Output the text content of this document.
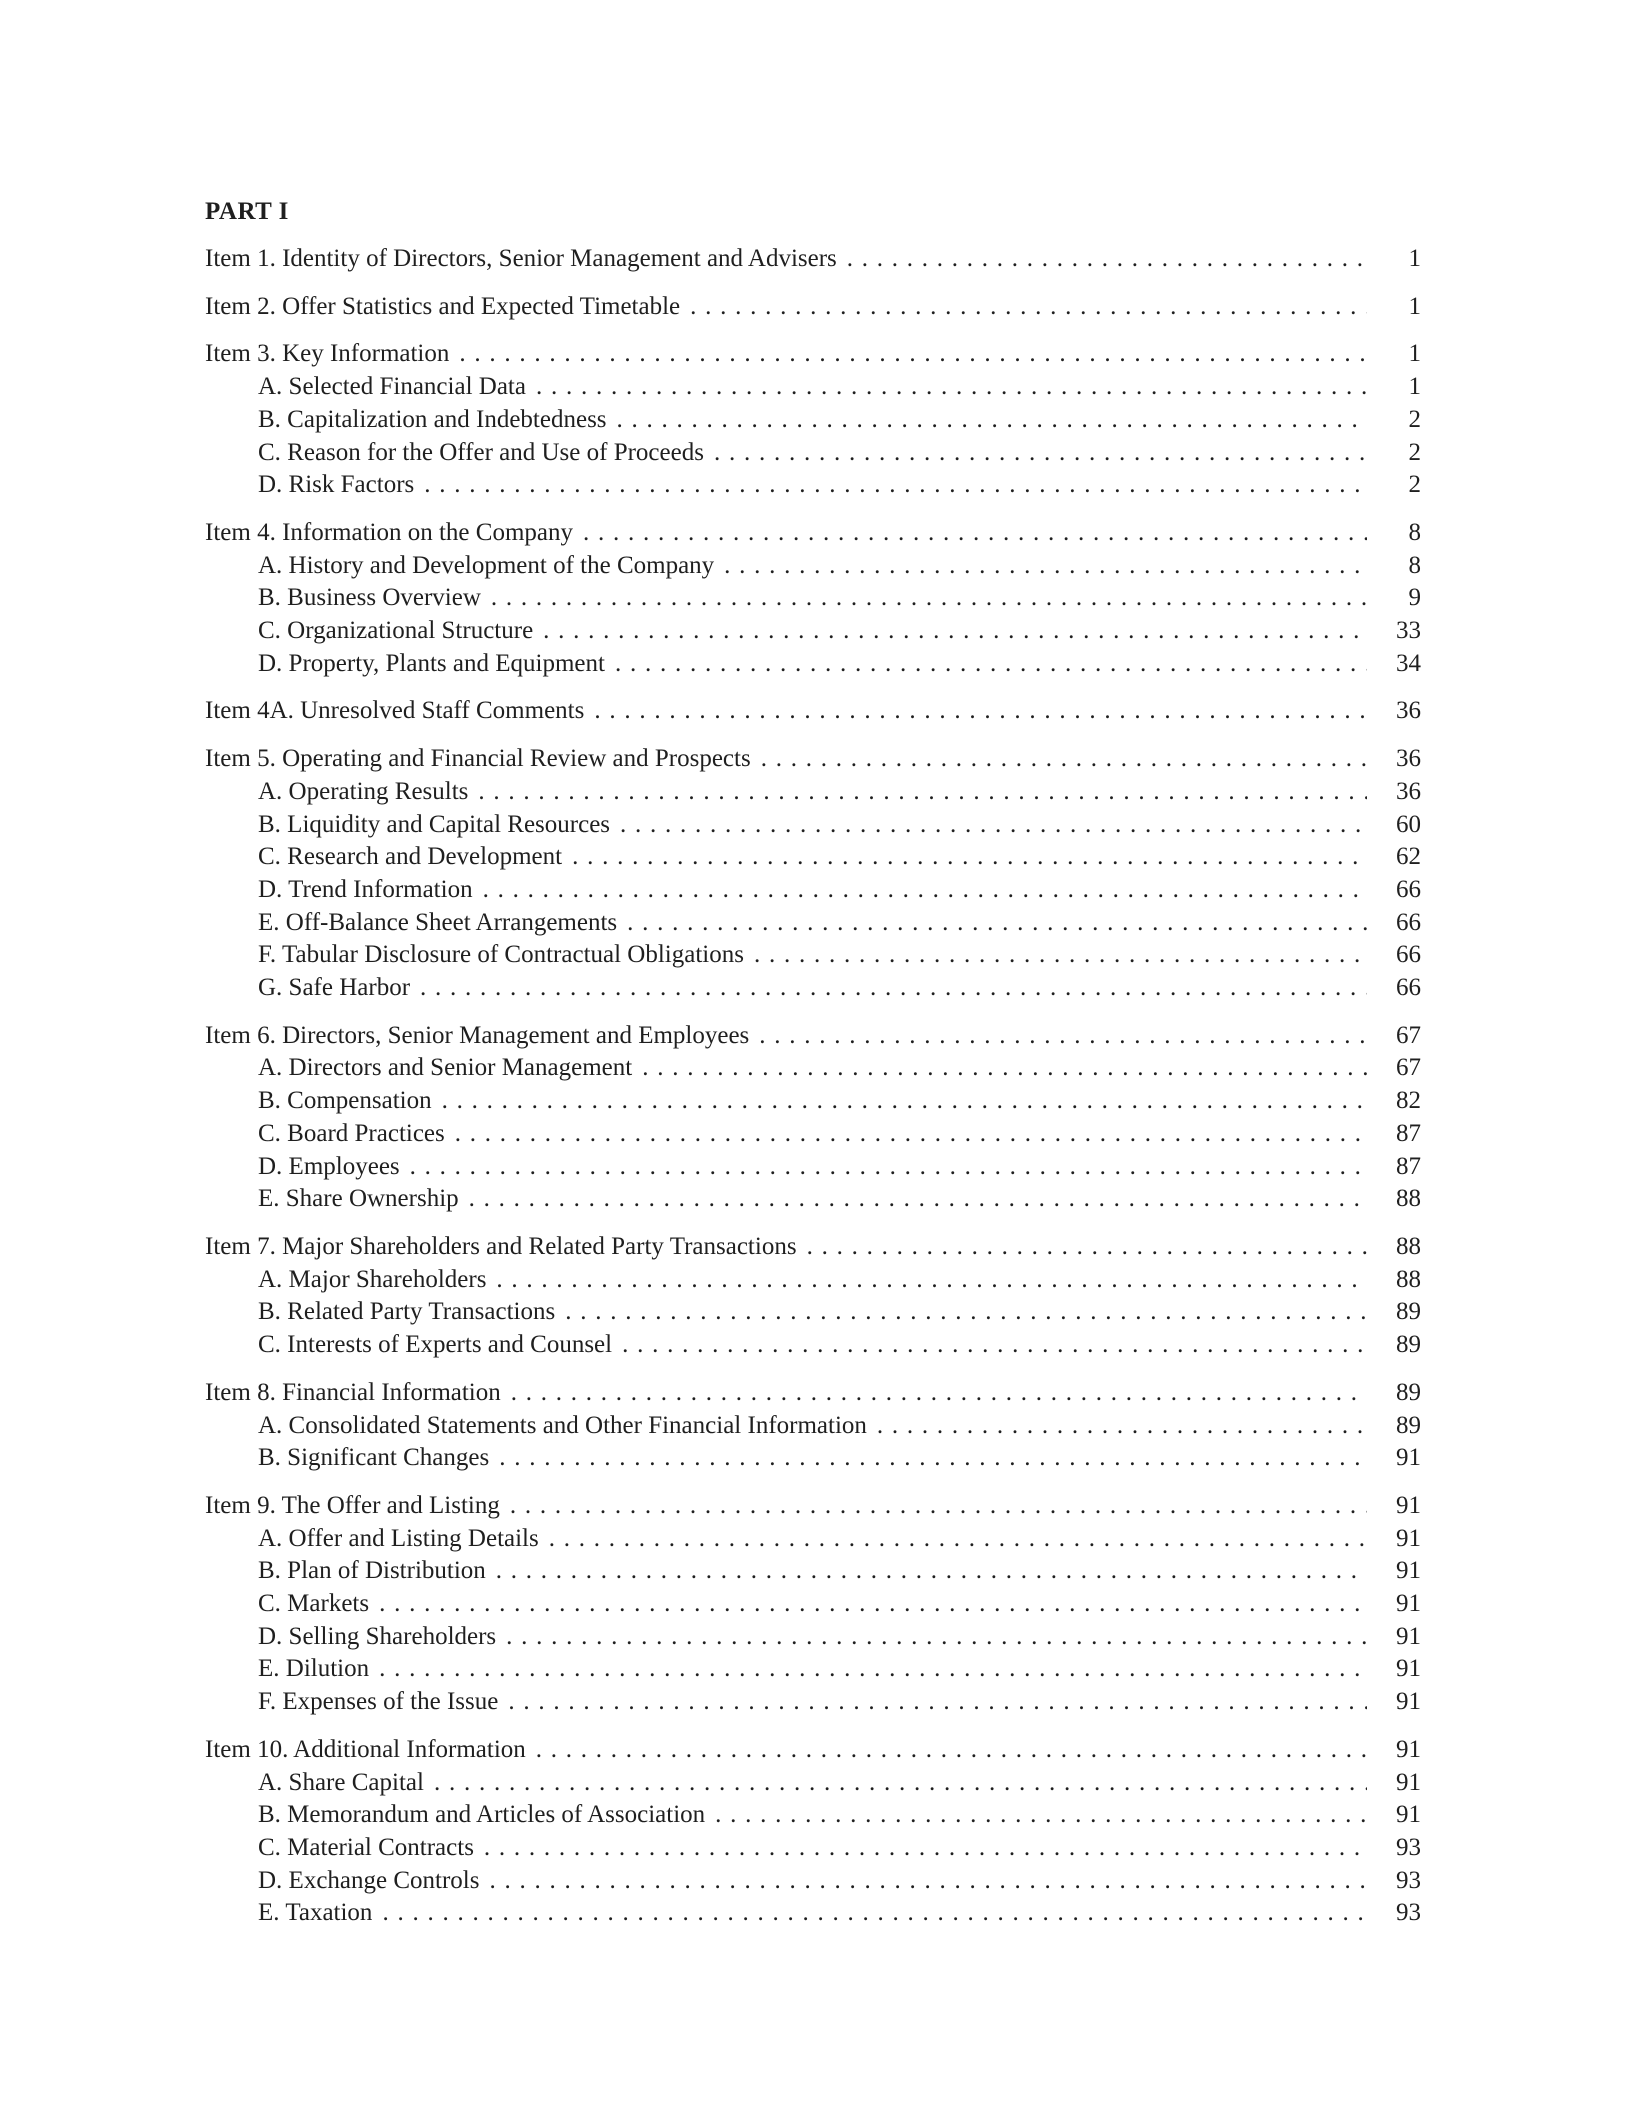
PART I
Item 1. Identity of Directors, Senior Management and Advisers . . .	1
Item 2. Offer Statistics and Expected Timetable . . .	1
Item 3. Key Information . . .	1
A. Selected Financial Data . . .	1
B. Capitalization and Indebtedness . . .	2
C. Reason for the Offer and Use of Proceeds . . .	2
D. Risk Factors . . .	2
Item 4. Information on the Company . . .	8
A. History and Development of the Company . . .	8
B. Business Overview . . .	9
C. Organizational Structure . . .	33
D. Property, Plants and Equipment . . .	34
Item 4A. Unresolved Staff Comments . . .	36
Item 5. Operating and Financial Review and Prospects . . .	36
A. Operating Results . . .	36
B. Liquidity and Capital Resources . . .	60
C. Research and Development . . .	62
D. Trend Information . . .	66
E. Off-Balance Sheet Arrangements . . .	66
F. Tabular Disclosure of Contractual Obligations . . .	66
G. Safe Harbor . . .	66
Item 6. Directors, Senior Management and Employees . . .	67
A. Directors and Senior Management . . .	67
B. Compensation . . .	82
C. Board Practices . . .	87
D. Employees . . .	87
E. Share Ownership . . .	88
Item 7. Major Shareholders and Related Party Transactions . . .	88
A. Major Shareholders . . .	88
B. Related Party Transactions . . .	89
C. Interests of Experts and Counsel . . .	89
Item 8. Financial Information . . .	89
A. Consolidated Statements and Other Financial Information . . .	89
B. Significant Changes . . .	91
Item 9. The Offer and Listing . . .	91
A. Offer and Listing Details . . .	91
B. Plan of Distribution . . .	91
C. Markets . . .	91
D. Selling Shareholders . . .	91
E. Dilution . . .	91
F. Expenses of the Issue . . .	91
Item 10. Additional Information . . .	91
A. Share Capital . . .	91
B. Memorandum and Articles of Association . . .	91
C. Material Contracts . . .	93
D. Exchange Controls . . .	93
E. Taxation . . .	93
